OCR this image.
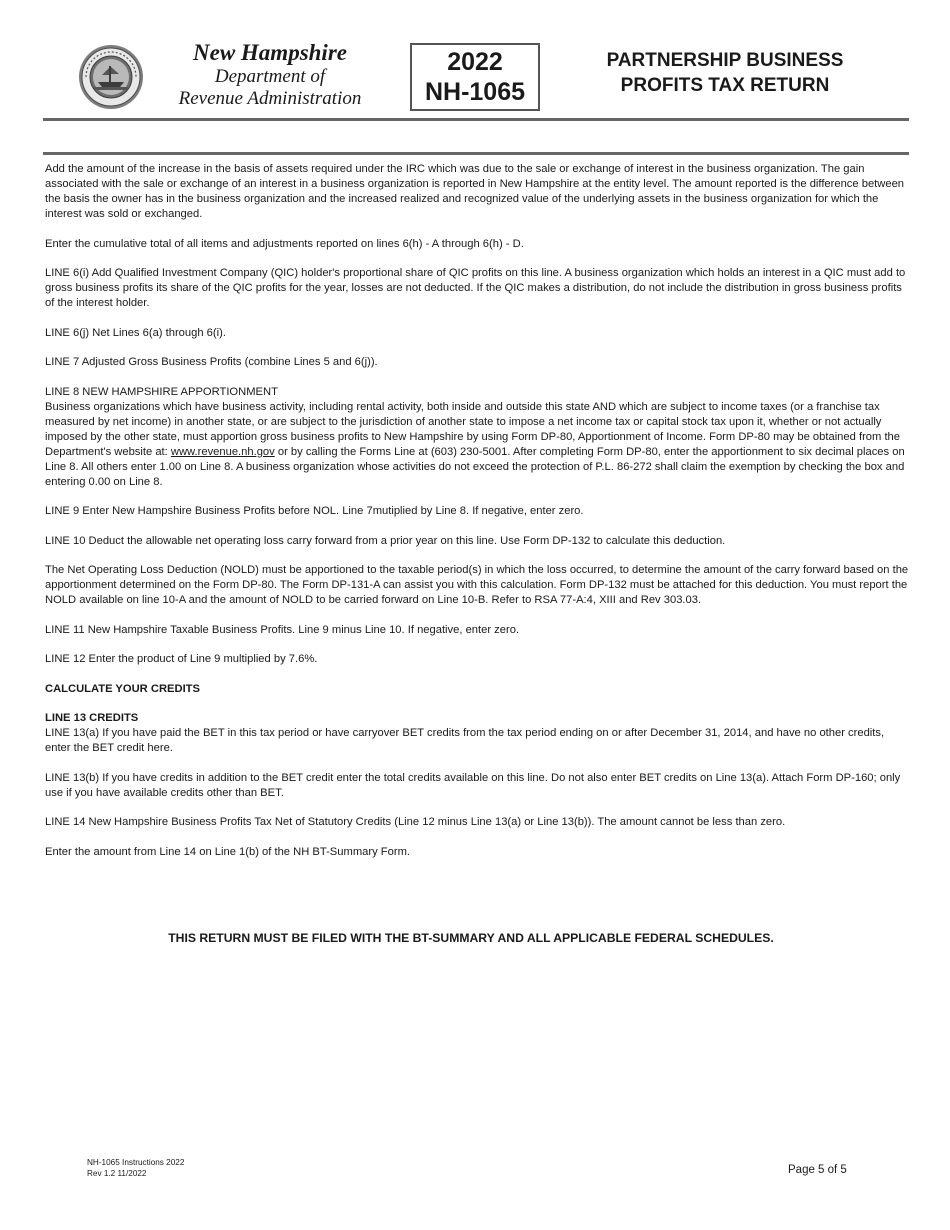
New Hampshire
Department of
Revenue Administration
2022
NH-1065
PARTNERSHIP BUSINESS
PROFITS TAX RETURN

Add the amount of the increase in the basis of assets required under the IRC which was due to the sale or exchange of interest in the business organization. The gain associated with the sale or exchange of an interest in a business organization is reported in New Hampshire at the entity level. The amount reported is the difference between the basis the owner has in the business organization and the increased realized and recognized value of the underlying assets in the business organization for which the interest was sold or exchanged.

Enter the cumulative total of all items and adjustments reported on lines 6(h) - A through 6(h) - D.

LINE 6(i) Add Qualified Investment Company (QIC) holder's proportional share of QIC profits on this line. A business organization which holds an interest in a QIC must add to gross business profits its share of the QIC profits for the year, losses are not deducted. If the QIC makes a distribution, do not include the distribution in gross business profits of the interest holder.

LINE 6(j) Net Lines 6(a) through 6(i).

LINE 7 Adjusted Gross Business Profits (combine Lines 5 and 6(j)).

LINE 8 NEW HAMPSHIRE APPORTIONMENT
Business organizations which have business activity, including rental activity, both inside and outside this state AND which are subject to income taxes (or a franchise tax measured by net income) in another state, or are subject to the jurisdiction of another state to impose a net income tax or capital stock tax upon it, whether or not actually imposed by the other state, must apportion gross business profits to New Hampshire by using Form DP-80, Apportionment of Income. Form DP-80 may be obtained from the Department's website at: www.revenue.nh.gov or by calling the Forms Line at (603) 230-5001. After completing Form DP-80, enter the apportionment to six decimal places on Line 8. All others enter 1.00 on Line 8. A business organization whose activities do not exceed the protection of P.L. 86-272 shall claim the exemption by checking the box and entering 0.00 on Line 8.

LINE 9 Enter New Hampshire Business Profits before NOL. Line 7mutiplied by Line 8. If negative, enter zero.

LINE 10 Deduct the allowable net operating loss carry forward from a prior year on this line. Use Form DP-132 to calculate this deduction.

The Net Operating Loss Deduction (NOLD) must be apportioned to the taxable period(s) in which the loss occurred, to determine the amount of the carry forward based on the apportionment determined on the Form DP-80. The Form DP-131-A can assist you with this calculation. Form DP-132 must be attached for this deduction. You must report the NOLD available on line 10-A and the amount of NOLD to be carried forward on Line 10-B. Refer to RSA 77-A:4, XIII and Rev 303.03.

LINE 11 New Hampshire Taxable Business Profits. Line 9 minus Line 10. If negative, enter zero.

LINE 12 Enter the product of Line 9 multiplied by 7.6%.

CALCULATE YOUR CREDITS

LINE 13 CREDITS
LINE 13(a) If you have paid the BET in this tax period or have carryover BET credits from the tax period ending on or after December 31, 2014, and have no other credits, enter the BET credit here.

LINE 13(b) If you have credits in addition to the BET credit enter the total credits available on this line. Do not also enter BET credits on Line 13(a). Attach Form DP-160; only use if you have available credits other than BET.

LINE 14 New Hampshire Business Profits Tax Net of Statutory Credits (Line 12 minus Line 13(a) or Line 13(b)). The amount cannot be less than zero.

Enter the amount from Line 14 on Line 1(b) of the NH BT-Summary Form.

THIS RETURN MUST BE FILED WITH THE BT-SUMMARY AND ALL APPLICABLE FEDERAL SCHEDULES.
NH-1065 Instructions 2022
Rev 1.2 11/2022	Page 5 of 5
